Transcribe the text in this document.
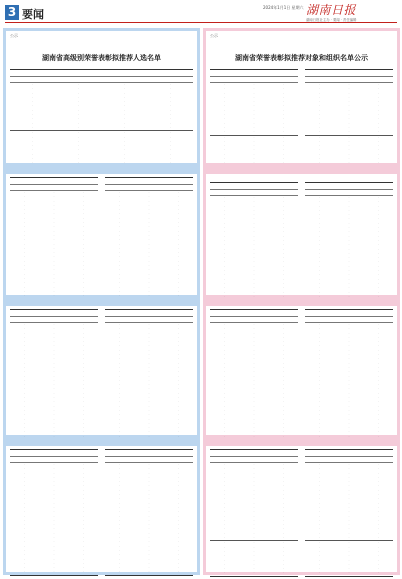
3 要闻
2024年1月1日 星期六 湖南日报
湖南日报社主办 · 要闻 · 责任编辑
公示
湖南省高级别荣誉表彰拟推荐人选名单
·	·	·	·
·	·	·	·
·	·	·	·
·	·	·	·
·	·	·	·
·	·	·	·
·	·	·	·
·	·	·	·
·	·	·	·
·	·	·	·
·	·	·	·
·	·	·	·
·	·	·	·
·	·	·	·
·	·	·	·
·	·	·	·
·	·	·	·
·	·	·	·
·	·	·	·
·	·	·
·	·	·
·	·	·
·	·	·
·	·	·
·	·	·
·	·	·
·	·	·
·	·	·
·	·	·
·	·	·
·	·	·
·	·	·
·	·	·
·	·	·
·	·	·
·	·	·
·	·	·
·	·	·
·	·	·
·	·	·
·	·	·
·	·	·
·	·	·
·	·	·
·	·	·
·	·	·
·	·	·
·	·	·
·	·	·
·	·	·
·	·	·
·	·	·
·	·	·
·	·	·
·	·	·
·	·	·
·	·	·
·	·	·
·	·	·
·	·	·
·	·	·
·	·	·
·	·	·
·	·	·
·	·	·
·	·	·
·	·	·
·	·	·
·	·	·
·	·	·
·	·	·
·	·	·
·	·	·
·	·	·
·	·	·
·	·	·
·	·	·
·	·	·
·	·	·
·	·	·
·	·	·
·	·	·
·	·	·
·	·	·
·	·	·
·	·	·
·	·	·
·	·	·
·	·	·
·	·	·
·	·	·
·	·	·
·	·	·
·	·	·
·	·	·
·	·	·
·	·	·
·	·	·
·	·	·
·	·	·
·	·	·
·	·	·
·	·	·
·	·	·
·	·	·
·	·	·
·	·	·
·	·	·
·	·	·
·	·	·
·	·	·
·	·	·
·	·	·
·	·	·
·	·	·
·	·	·
·	·	·
·	·	·
·	·	·
·	·	·
·	·	·
·	·	·
·	·	·
·	·	·
·	·	·
·	·	·
·	·	·
·	·	·
·	·	·
·	·	·
·	·	·
·	·	·
·	·	·
·	·	·
·	·	·
·	·	·
·	·	·
·	·	·
·	·	·
·	·	·
·	·	·
·	·	·
·	·	·
·	·	·
·	·	·
·	·	·
·	·	·
·	·	·
·	·	·
·	·	·
·	·	·
·	·	·
·	·	·
·	·	·
·	·	·
·	·	·
·	·	·
·	·	·
·	·	·
·	·	·
·	·	·
·	·	·
·	·	·
·	·	·
·	·	·
·	·	·
·	·	·
·	·	·
·	·	·
·	·	·
·	·	·
·	·	·
·	·	·
·	·	·
·	·	·
公示
湖南省荣誉表彰拟推荐对象和组织名单公示
·	·	·
·	·	·
·	·	·
·	·	·
·	·	·
·	·	·
·	·	·
·	·	·
·	·	·
·	·	·
·	·	·
·	·	·
·	·	·
·	·	·
·	·	·
·	·	·
·	·	·
·	·	·
·	·	·
·	·	·
·	·	·
·	·	·
·	·	·
·	·	·
·	·	·
·	·	·
·	·	·
·	·	·
·	·	·
·	·	·
·	·	·
·	·	·
·	·	·
·	·	·
·	·	·
·	·	·
·	·	·
·	·	·
·	·	·
·	·	·
·	·	·
·	·	·
·	·	·
·	·	·
·	·	·
·	·	·
·	·	·
·	·	·
·	·	·
·	·	·
·	·	·
·	·	·
·	·	·
·	·	·
·	·	·
·	·	·
·	·	·
·	·	·
·	·	·
·	·	·
·	·	·
·	·	·
·	·	·
·	·	·
·	·	·
·	·	·
·	·	·
·	·	·
·	·	·
·	·	·
·	·	·
·	·	·
·	·	·
·	·	·
·	·	·
·	·	·
·	·	·
·	·	·
·	·	·
·	·	·
·	·	·
·	·	·
·	·	·
·	·	·
·	·	·
·	·	·
·	·	·
·	·	·
·	·	·
·	·	·
·	·	·
·	·	·
·	·	·
·	·	·
·	·	·
·	·	·
·	·	·
·	·	·
·	·	·
·	·	·
·	·	·
·	·	·
·	·	·
·	·	·
·	·	·
·	·	·
·	·	·
·	·	·
·	·	·
·	·	·
·	·	·
·	·	·
·	·	·
·	·	·
·	·	·
·	·	·
·	·	·
·	·	·
·	·	·
·	·	·
·	·	·
·	·	·
·	·	·
·	·	·
·	·	·
·	·	·
·	·	·
·	·	·
·	·	·
·	·	·
·	·	·
·	·	·
·	·	·
·	·	·
·	·	·
·	·	·
·	·	·
·	·	·
·	·	·
·	·	·
·	·	·
·	·	·
·	·	·
·	·	·
·	·	·
·	·	·
·	·	·
·	·	·
·	·	·
·	·	·
·	·	·
·	·	·
·	·	·
·	·	·
·	·	·
·	·	·
·	·	·
·	·	·
·	·	·
·	·	·
·	·	·
·	·	·
·	·	·
·	·	·
·	·	·
·	·	·
·	·	·
·	·	·
·	·	·
·	·	·
·	·	·
·	·	·
·	·	·
·	·	·
·	·	·
·	·	·
·	·	·
·	·	·
·	·	·
·	·	·
·	·	·
·	·	·
·	·	·
·	·	·
·	·	·
·	·	·
·	·	·
·	·	·
·	·	·
·	·	·
·	·	·
·	·	·
